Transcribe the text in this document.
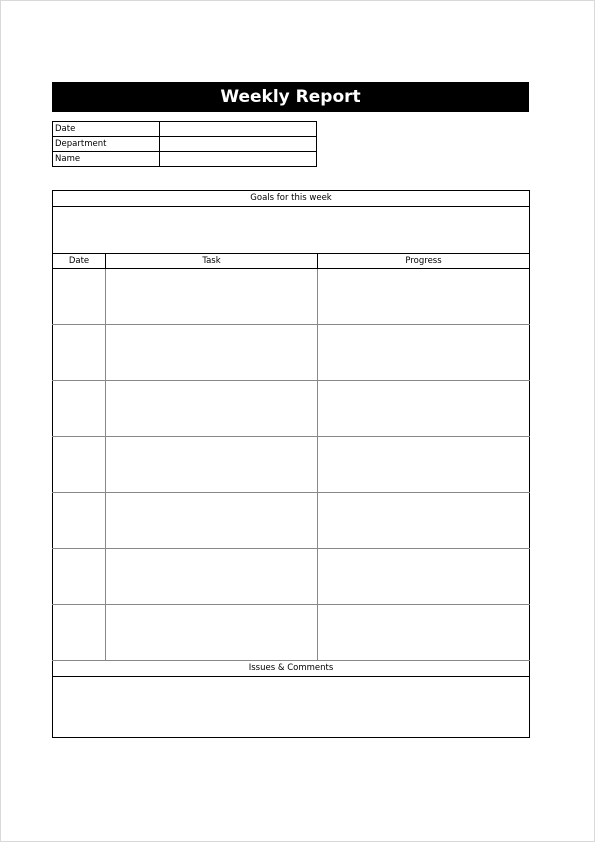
Weekly Report
Date	
Department	
Name	
Goals for this week		

Date	Task	Progress

Issues & Comments		
